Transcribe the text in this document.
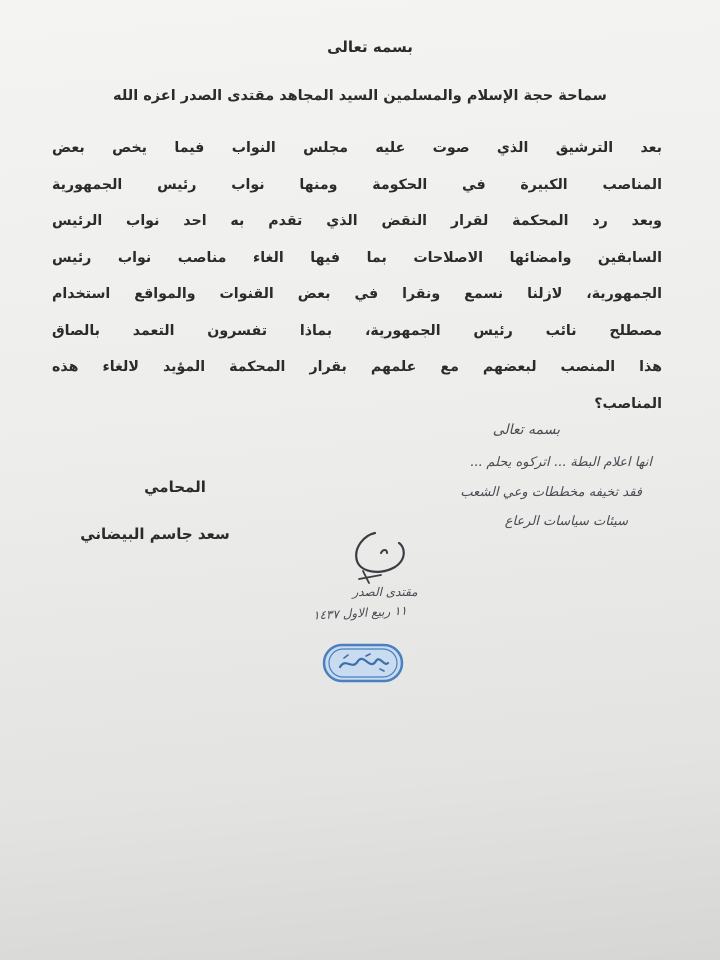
بسمه تعالى
سماحة حجة الإسلام والمسلمين السيد المجاهد مقتدى الصدر اعزه الله
بعد الترشيق الذي صوت عليه مجلس النواب فيما يخص بعض
المناصب الكبيرة في الحكومة ومنها نواب رئيس الجمهورية
وبعد رد المحكمة لقرار النقض الذي تقدم به احد نواب الرئيس
السابقين وامضائها الاصلاحات بما فيها الغاء مناصب نواب رئيس
الجمهورية، لازلنا نسمع ونقرا في بعض القنوات والمواقع استخدام
مصطلح نائب رئيس الجمهورية، بماذا تفسرون التعمد بالصاق
هذا المنصب لبعضهم مع علمهم بقرار المحكمة المؤيد لالغاء هذه
المناصب؟
المحامي
سعد جاسم البيضاني
بسمه تعالى
انها اعلام البطة ... اتركوه يحلم ...
فقد تخيفه مخططات وعي الشعب
سيئات سياسات الرعاع
مقتدى الصدر
١١ ربيع الاول ١٤٣٧
